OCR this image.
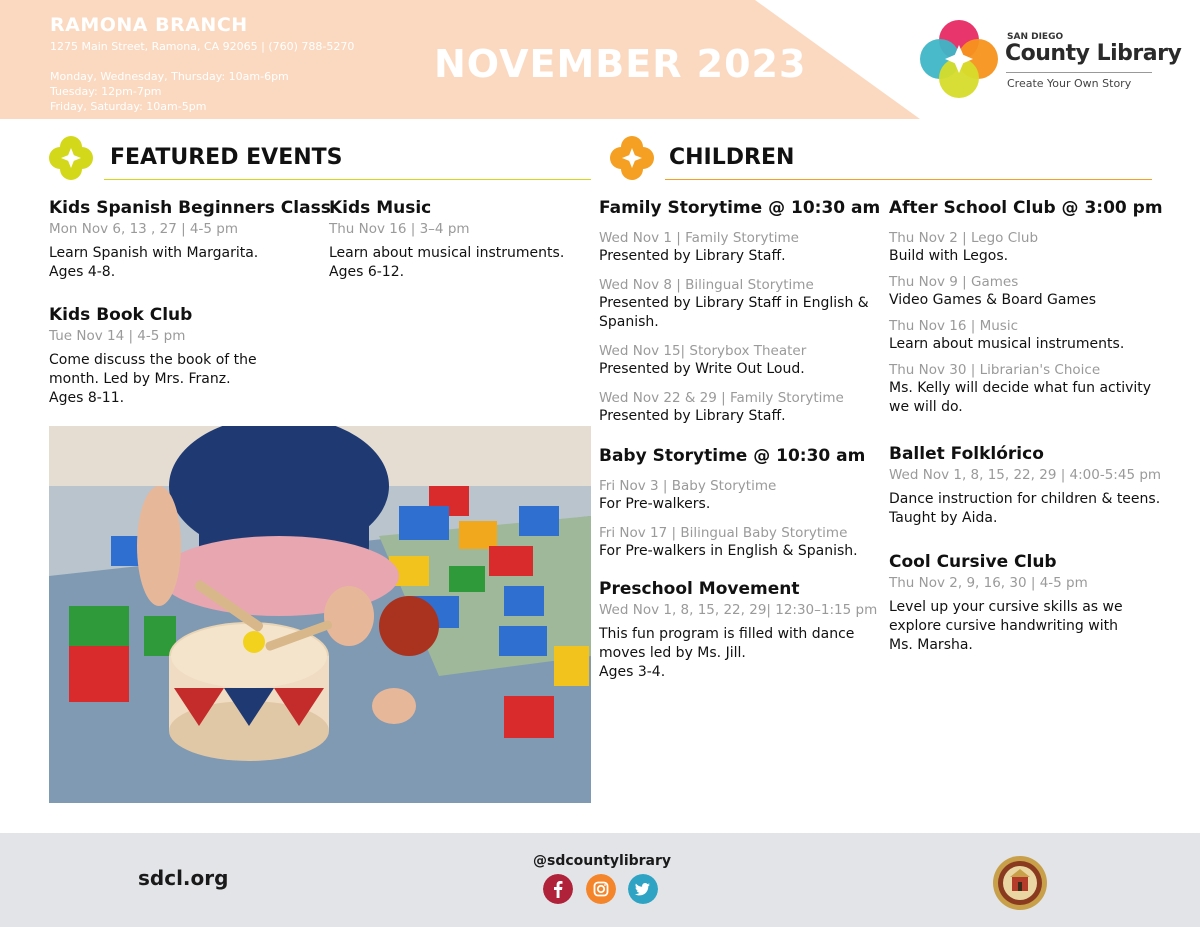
RAMONA BRANCH
1275 Main Street, Ramona, CA 92065 | (760) 788-5270
Monday, Wednesday, Thursday: 10am-6pm
Tuesday: 12pm-7pm
Friday, Saturday: 10am-5pm
NOVEMBER 2023
SAN DIEGO
County Library
Create Your Own Story
FEATURED EVENTS	CHILDREN
Kids Spanish Beginners Class
Mon Nov 6, 13 , 27 | 4-5 pm
Learn Spanish with Margarita.
Ages 4-8.
Kids Music
Thu Nov 16 | 3–4 pm
Learn about musical instruments.
Ages 6-12.
Kids Book Club
Tue Nov 14 | 4-5 pm
Come discuss the book of the
month. Led by Mrs. Franz.
Ages 8-11.
Family Storytime @ 10:30 am
Wed Nov 1 | Family Storytime
Presented by Library Staff.
Wed Nov 8 | Bilingual Storytime
Presented by Library Staff in English &
Spanish.
Wed Nov 15| Storybox Theater
Presented by Write Out Loud.
Wed Nov 22 & 29 | Family Storytime
Presented by Library Staff.
Baby Storytime @ 10:30 am
Fri Nov 3 | Baby Storytime
For Pre-walkers.
Fri Nov 17 | Bilingual Baby Storytime
For Pre-walkers in English & Spanish.
Preschool Movement
Wed Nov 1, 8, 15, 22, 29| 12:30–1:15 pm
This fun program is filled with dance
moves led by Ms. Jill.
Ages 3-4.
After School Club @ 3:00 pm
Thu Nov 2 | Lego Club
Build with Legos.
Thu Nov 9 | Games
Video Games & Board Games
Thu Nov 16 | Music
Learn about musical instruments.
Thu Nov 30 | Librarian's Choice
Ms. Kelly will decide what fun activity
we will do.
Ballet Folklórico
Wed Nov 1, 8, 15, 22, 29 | 4:00-5:45 pm
Dance instruction for children & teens.
Taught by Aida.
Cool Cursive Club
Thu Nov 2, 9, 16, 30 | 4-5 pm
Level up your cursive skills as we
explore cursive handwriting with
Ms. Marsha.
sdcl.org
@sdcountylibrary
